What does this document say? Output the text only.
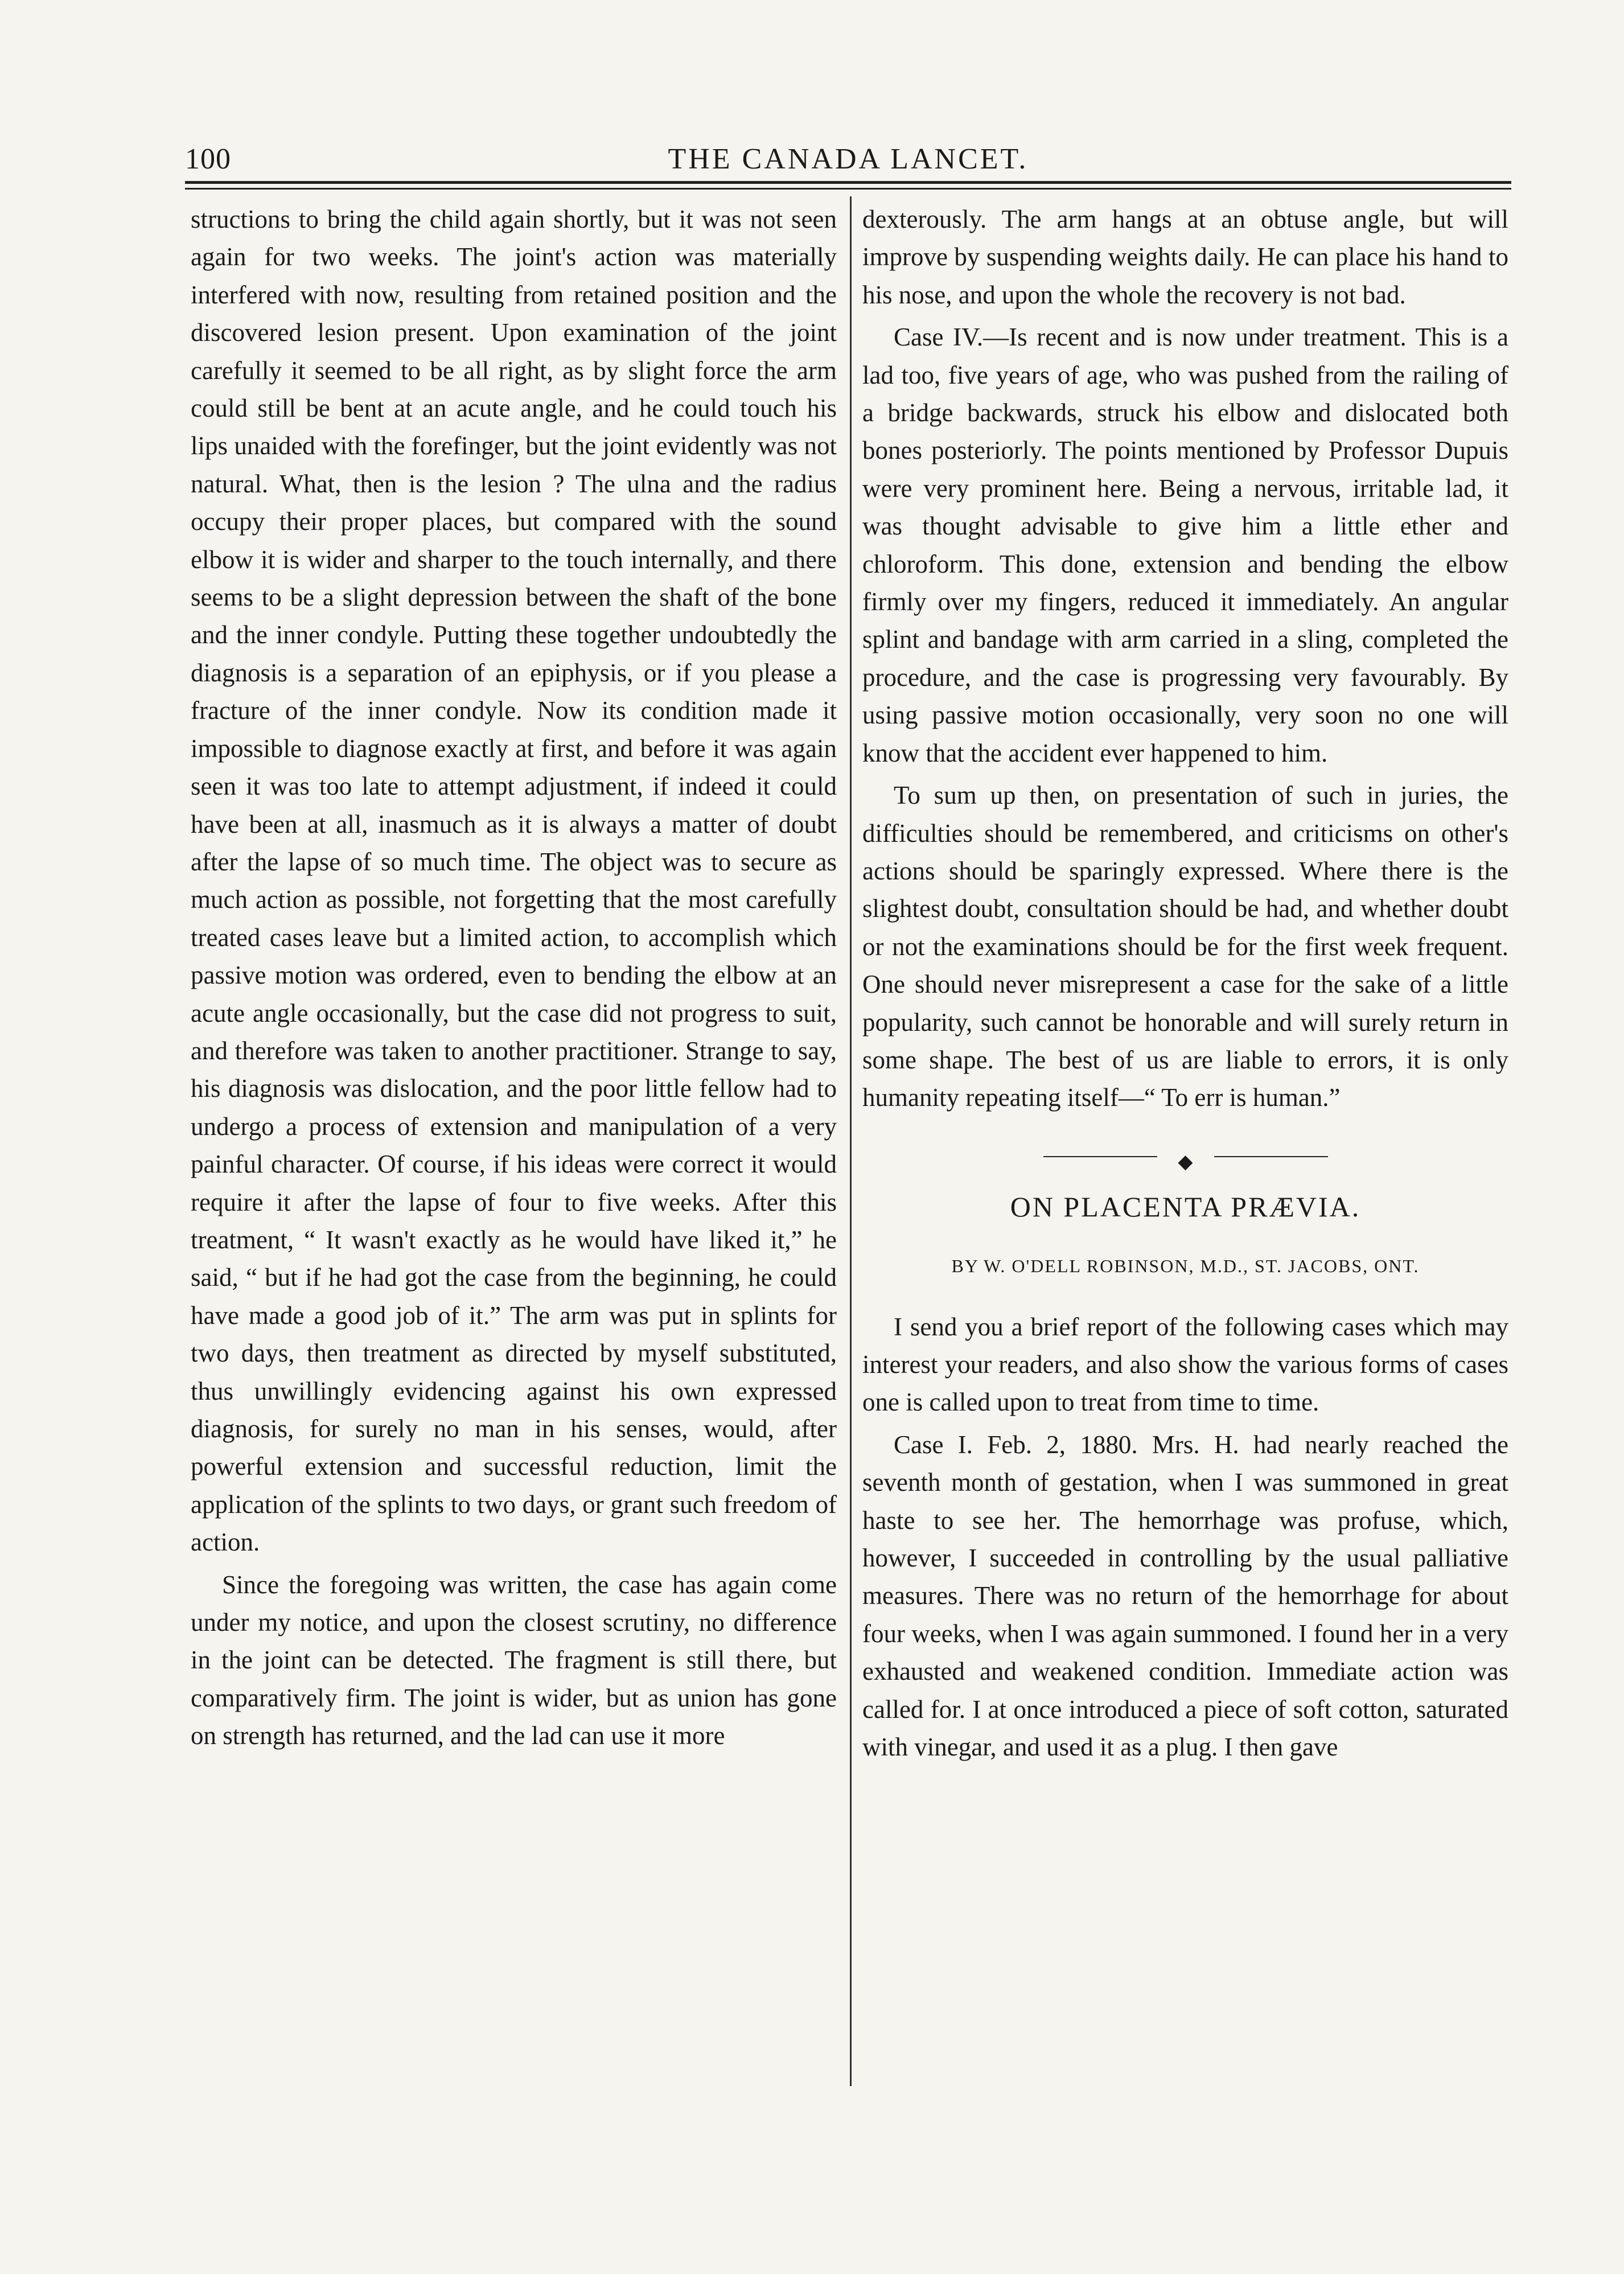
100	THE CANADA LANCET.

structions to bring the child again shortly, but it was not seen again for two weeks. The joint's action was materially interfered with now, resulting from retained position and the discovered lesion present. Upon examination of the joint carefully it seemed to be all right, as by slight force the arm could still be bent at an acute angle, and he could touch his lips unaided with the forefinger, but the joint evidently was not natural. What, then is the lesion ? The ulna and the radius occupy their proper places, but compared with the sound elbow it is wider and sharper to the touch internally, and there seems to be a slight depression between the shaft of the bone and the inner condyle. Putting these together undoubtedly the diagnosis is a separation of an epiphysis, or if you please a fracture of the inner condyle. Now its condition made it impossible to diagnose exactly at first, and before it was again seen it was too late to attempt adjustment, if indeed it could have been at all, inasmuch as it is always a matter of doubt after the lapse of so much time. The object was to secure as much action as possible, not forgetting that the most carefully treated cases leave but a limited action, to accomplish which passive motion was ordered, even to bending the elbow at an acute angle occasionally, but the case did not progress to suit, and therefore was taken to another practitioner. Strange to say, his diagnosis was dislocation, and the poor little fellow had to undergo a process of extension and manipulation of a very painful character. Of course, if his ideas were correct it would require it after the lapse of four to five weeks. After this treatment, “ It wasn't exactly as he would have liked it,” he said, “ but if he had got the case from the beginning, he could have made a good job of it.” The arm was put in splints for two days, then treatment as directed by myself substituted, thus unwillingly evidencing against his own expressed diagnosis, for surely no man in his senses, would, after powerful extension and successful reduction, limit the application of the splints to two days, or grant such freedom of action.

Since the foregoing was written, the case has again come under my notice, and upon the closest scrutiny, no difference in the joint can be detected. The fragment is still there, but comparatively firm. The joint is wider, but as union has gone on strength has returned, and the lad can use it more

dexterously. The arm hangs at an obtuse angle, but will improve by suspending weights daily. He can place his hand to his nose, and upon the whole the recovery is not bad.

Case IV.—Is recent and is now under treatment. This is a lad too, five years of age, who was pushed from the railing of a bridge backwards, struck his elbow and dislocated both bones posteriorly. The points mentioned by Professor Dupuis were very prominent here. Being a nervous, irritable lad, it was thought advisable to give him a little ether and chloroform. This done, extension and bending the elbow firmly over my fingers, reduced it immediately. An angular splint and bandage with arm carried in a sling, completed the procedure, and the case is progressing very favourably. By using passive motion occasionally, very soon no one will know that the accident ever happened to him.

To sum up then, on presentation of such in juries, the difficulties should be remembered, and criticisms on other's actions should be sparingly expressed. Where there is the slightest doubt, consultation should be had, and whether doubt or not the examinations should be for the first week frequent. One should never misrepresent a case for the sake of a little popularity, such cannot be honorable and will surely return in some shape. The best of us are liable to errors, it is only humanity repeating itself—“ To err is human.”

◆
ON PLACENTA PRÆVIA.
BY W. O'DELL ROBINSON, M.D., ST. JACOBS, ONT.

I send you a brief report of the following cases which may interest your readers, and also show the various forms of cases one is called upon to treat from time to time.

Case I. Feb. 2, 1880. Mrs. H. had nearly reached the seventh month of gestation, when I was summoned in great haste to see her. The hemorrhage was profuse, which, however, I succeeded in controlling by the usual palliative measures. There was no return of the hemorrhage for about four weeks, when I was again summoned. I found her in a very exhausted and weakened condition. Immediate action was called for. I at once introduced a piece of soft cotton, saturated with vinegar, and used it as a plug. I then gave
